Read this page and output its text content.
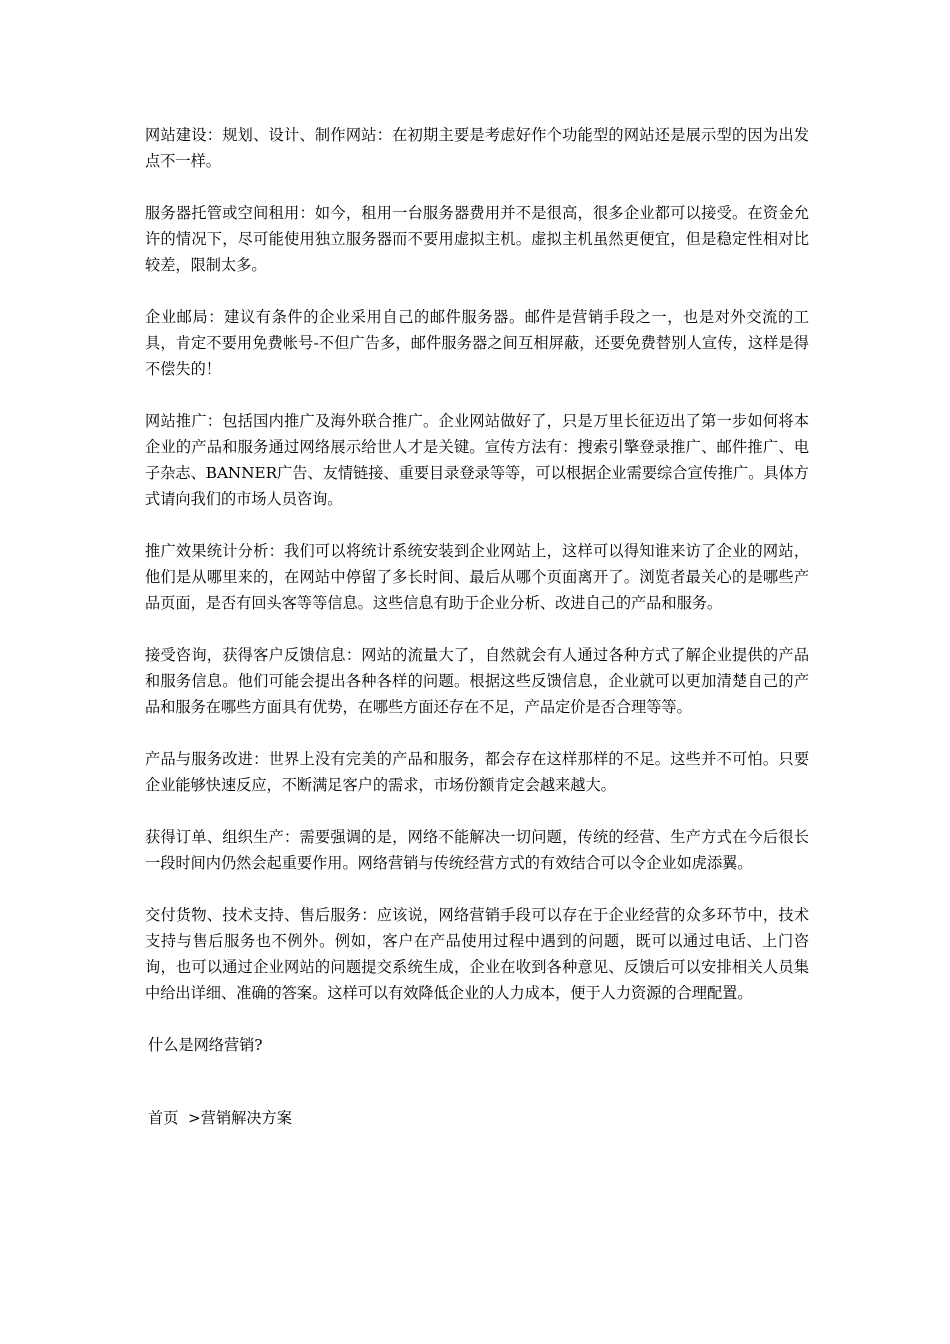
网站建设：规划、设计、制作网站：在初期主要是考虑好作个功能型的网站还是展示型的因为出发点不一样。

服务器托管或空间租用：如今，租用一台服务器费用并不是很高，很多企业都可以接受。在资金允许的情况下，尽可能使用独立服务器而不要用虚拟主机。虚拟主机虽然更便宜，但是稳定性相对比较差，限制太多。

企业邮局：建议有条件的企业采用自己的邮件服务器。邮件是营销手段之一，也是对外交流的工具，肯定不要用免费帐号-不但广告多，邮件服务器之间互相屏蔽，还要免费替别人宣传，这样是得不偿失的！

网站推广：包括国内推广及海外联合推广。企业网站做好了，只是万里长征迈出了第一步如何将本企业的产品和服务通过网络展示给世人才是关键。宣传方法有：搜索引擎登录推广、邮件推广、电子杂志、BANNER广告、友情链接、重要目录登录等等，可以根据企业需要综合宣传推广。具体方式请向我们的市场人员咨询。

推广效果统计分析：我们可以将统计系统安装到企业网站上，这样可以得知谁来访了企业的网站，他们是从哪里来的，在网站中停留了多长时间、最后从哪个页面离开了。浏览者最关心的是哪些产品页面，是否有回头客等等信息。这些信息有助于企业分析、改进自己的产品和服务。

接受咨询，获得客户反馈信息：网站的流量大了，自然就会有人通过各种方式了解企业提供的产品和服务信息。他们可能会提出各种各样的问题。根据这些反馈信息，企业就可以更加清楚自己的产品和服务在哪些方面具有优势，在哪些方面还存在不足，产品定价是否合理等等。

产品与服务改进：世界上没有完美的产品和服务，都会存在这样那样的不足。这些并不可怕。只要企业能够快速反应，不断满足客户的需求，市场份额肯定会越来越大。

获得订单、组织生产：需要强调的是，网络不能解决一切问题，传统的经营、生产方式在今后很长一段时间内仍然会起重要作用。网络营销与传统经营方式的有效结合可以令企业如虎添翼。

交付货物、技术支持、售后服务：应该说，网络营销手段可以存在于企业经营的众多环节中，技术支持与售后服务也不例外。例如，客户在产品使用过程中遇到的问题，既可以通过电话、上门咨询，也可以通过企业网站的问题提交系统生成，企业在收到各种意见、反馈后可以安排相关人员集中给出详细、准确的答案。这样可以有效降低企业的人力成本，便于人力资源的合理配置。

什么是网络营销?

首页  >营销解决方案
